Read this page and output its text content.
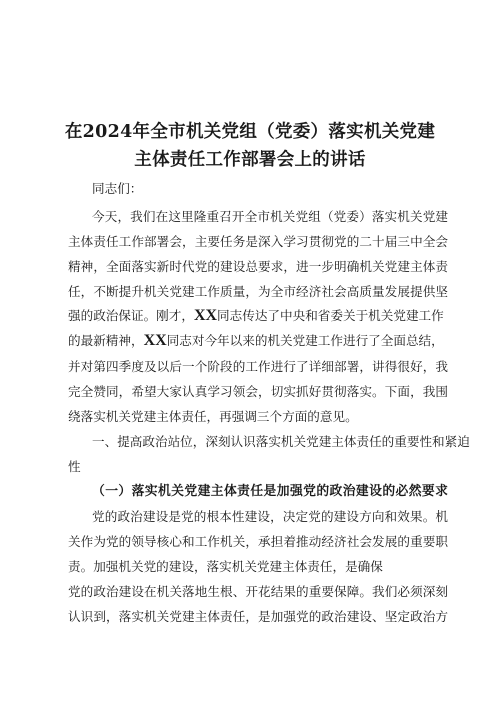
在2024年全市机关党组（党委）落实机关党建
主体责任工作部署会上的讲话
同志们：
今天，我们在这里隆重召开全市机关党组（党委）落实机关党建
主体责任工作部署会，主要任务是深入学习贯彻党的二十届三中全会
精神，全面落实新时代党的建设总要求，进一步明确机关党建主体责
任，不断提升机关党建工作质量，为全市经济社会高质量发展提供坚
强的政治保证。刚才，XX同志传达了中央和省委关于机关党建工作
的最新精神，XX同志对今年以来的机关党建工作进行了全面总结，
并对第四季度及以后一个阶段的工作进行了详细部署，讲得很好，我
完全赞同，希望大家认真学习领会，切实抓好贯彻落实。下面，我围
绕落实机关党建主体责任，再强调三个方面的意见。
一、提高政治站位，深刻认识落实机关党建主体责任的重要性和紧迫
性
（一）落实机关党建主体责任是加强党的政治建设的必然要求
党的政治建设是党的根本性建设，决定党的建设方向和效果。机
关作为党的领导核心和工作机关，承担着推动经济社会发展的重要职
责。加强机关党的建设，落实机关党建主体责任，是确保
党的政治建设在机关落地生根、开花结果的重要保障。我们必须深刻
认识到，落实机关党建主体责任，是加强党的政治建设、坚定政治方
